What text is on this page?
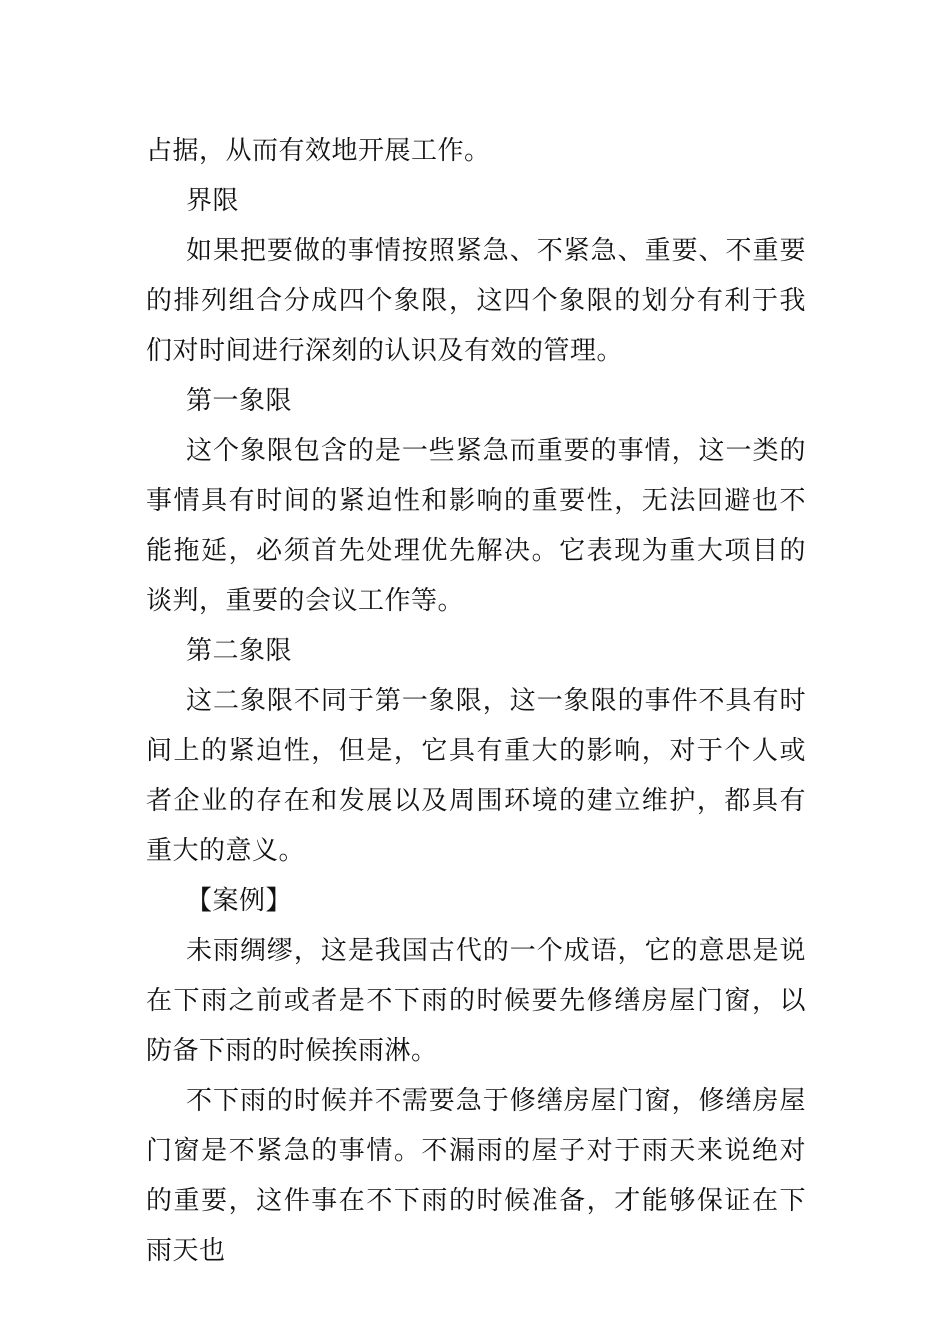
占据，从而有效地开展工作。

界限

如果把要做的事情按照紧急、不紧急、重要、不重要的排列组合分成四个象限，这四个象限的划分有利于我们对时间进行深刻的认识及有效的管理。

第一象限

这个象限包含的是一些紧急而重要的事情，这一类的事情具有时间的紧迫性和影响的重要性，无法回避也不能拖延，必须首先处理优先解决。它表现为重大项目的谈判，重要的会议工作等。

第二象限

这二象限不同于第一象限，这一象限的事件不具有时间上的紧迫性，但是，它具有重大的影响，对于个人或者企业的存在和发展以及周围环境的建立维护，都具有重大的意义。

【案例】

未雨绸缪，这是我国古代的一个成语，它的意思是说在下雨之前或者是不下雨的时候要先修缮房屋门窗，以防备下雨的时候挨雨淋。

不下雨的时候并不需要急于修缮房屋门窗，修缮房屋门窗是不紧急的事情。不漏雨的屋子对于雨天来说绝对的重要，这件事在不下雨的时候准备，才能够保证在下雨天也
